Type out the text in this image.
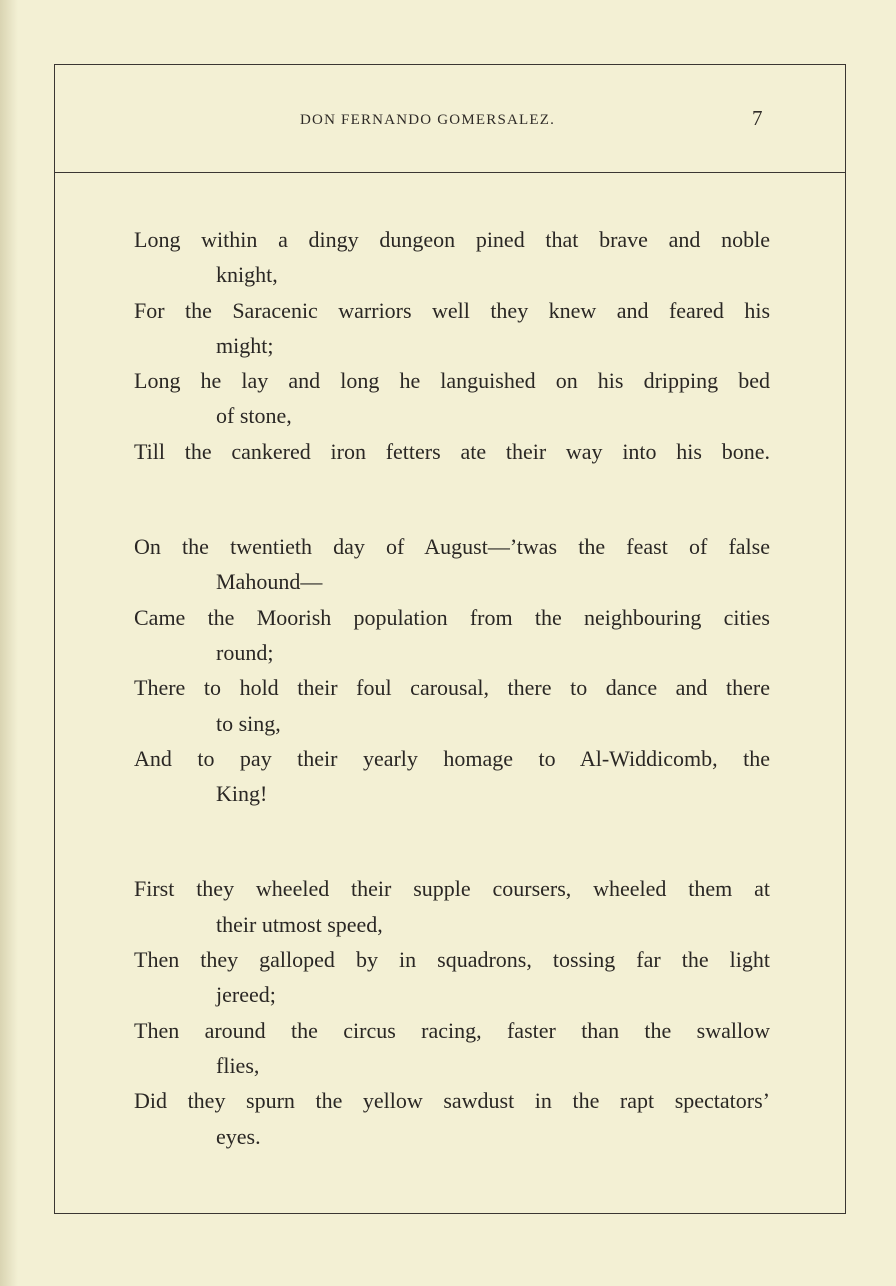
DON FERNANDO GOMERSALEZ.	7
Long within a dingy dungeon pined that brave and noble
knight,
For the Saracenic warriors well they knew and feared his
might;
Long he lay and long he languished on his dripping bed
of stone,
Till the cankered iron fetters ate their way into his bone.
On the twentieth day of August—’twas the feast of false
Mahound—
Came the Moorish population from the neighbouring cities
round;
There to hold their foul carousal, there to dance and there
to sing,
And to pay their yearly homage to Al-Widdicomb, the
King!
First they wheeled their supple coursers, wheeled them at
their utmost speed,
Then they galloped by in squadrons, tossing far the light
jereed;
Then around the circus racing, faster than the swallow
flies,
Did they spurn the yellow sawdust in the rapt spectators’
eyes.
